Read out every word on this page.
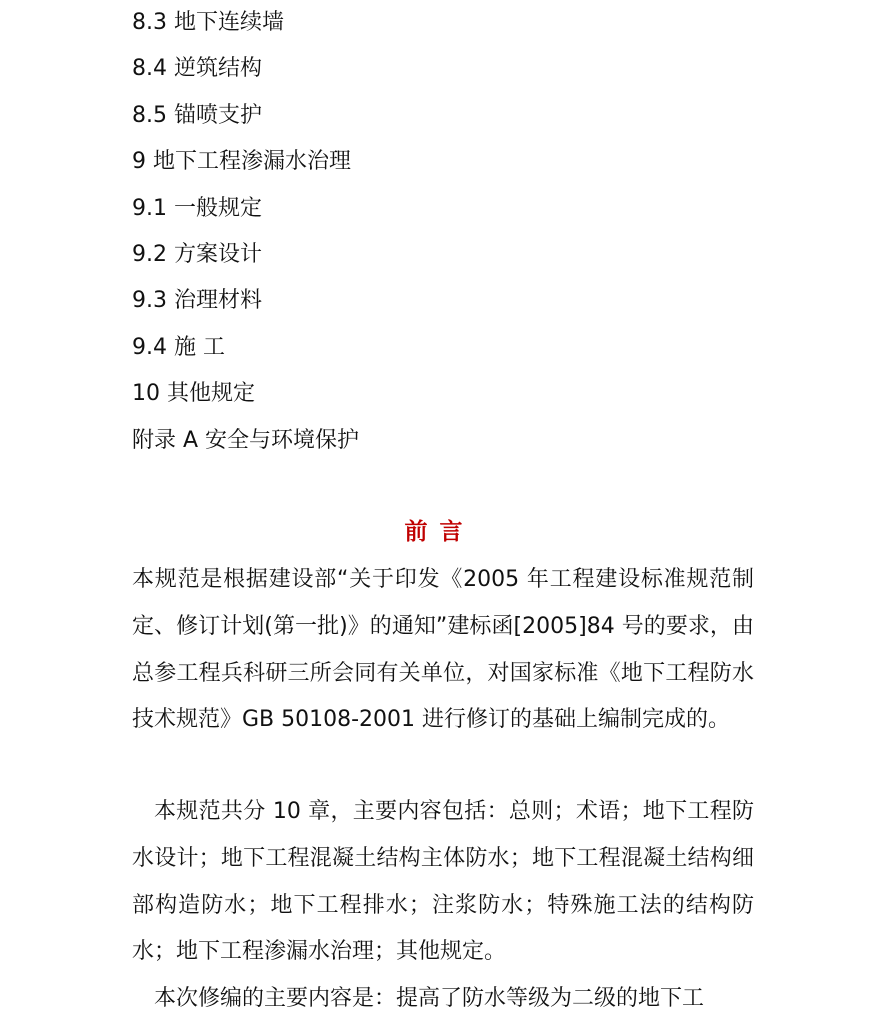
8.3 地下连续墙
8.4 逆筑结构
8.5 锚喷支护
9 地下工程渗漏水治理
9.1 一般规定
9.2 方案设计
9.3 治理材料
9.4 施 工
10 其他规定
附录 A 安全与环境保护
前言
本规范是根据建设部“关于印发《2005 年工程建设标准规范制定、修订计划(第一批)》的通知”建标函[2005]84 号的要求，由总参工程兵科研三所会同有关单位，对国家标准《地下工程防水技术规范》GB 50108-2001 进行修订的基础上编制完成的。
本规范共分 10 章，主要内容包括：总则；术语；地下工程防水设计；地下工程混凝土结构主体防水；地下工程混凝土结构细部构造防水；地下工程排水；注浆防水；特殊施工法的结构防水；地下工程渗漏水治理；其他规定。
本次修编的主要内容是：提高了防水等级为二级的地下工
